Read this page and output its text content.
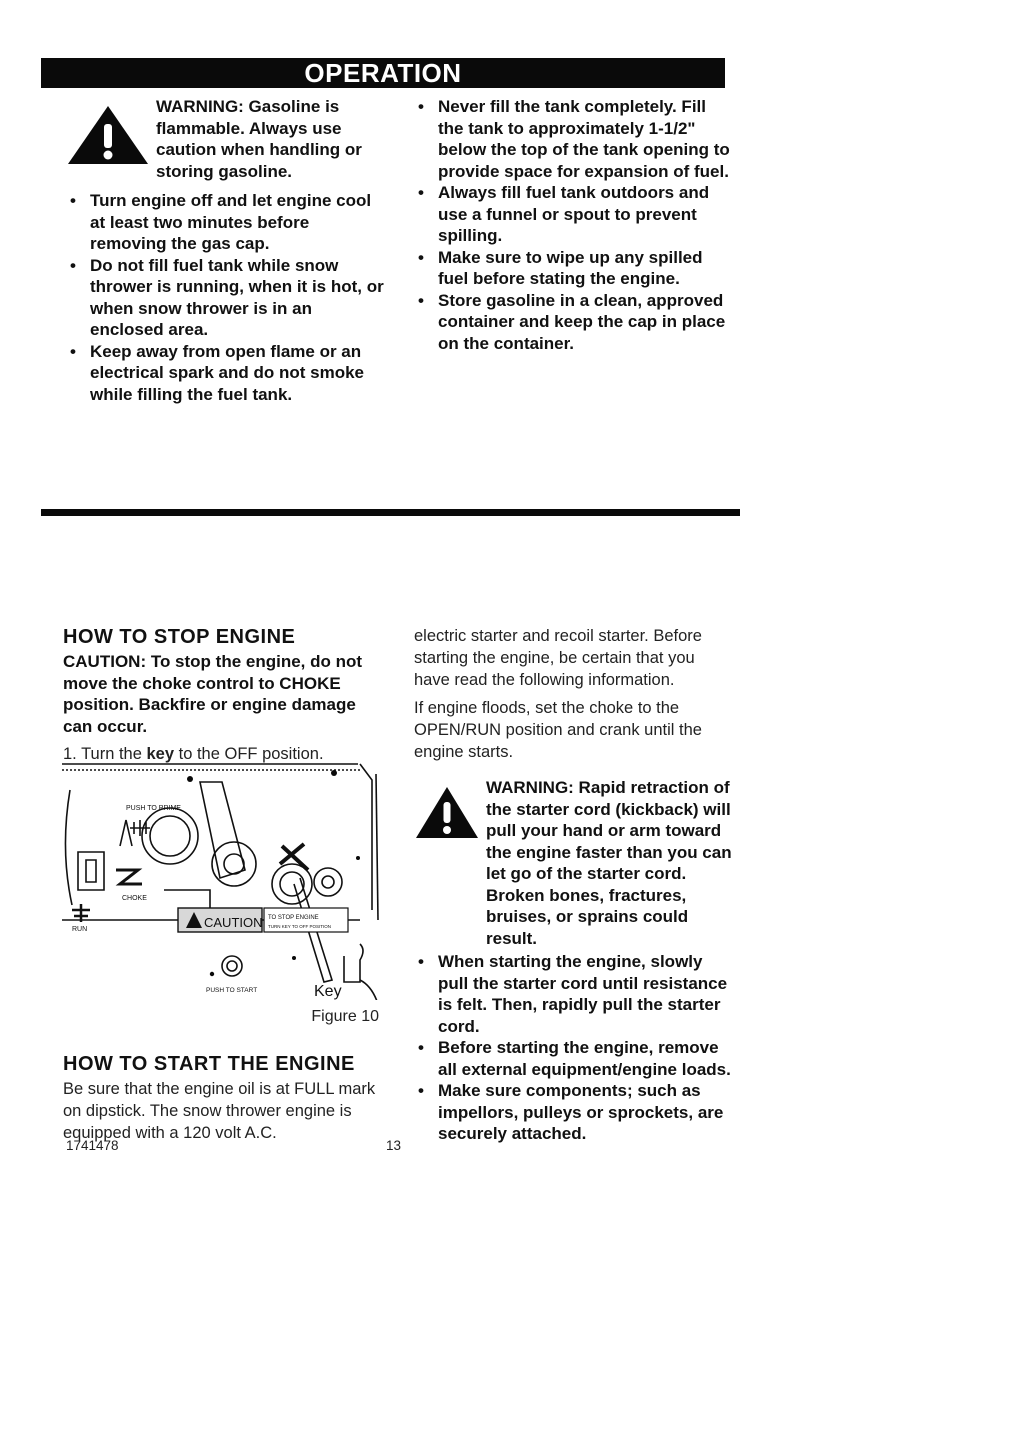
OPERATION
WARNING: Gasoline is flammable. Always use caution when handling or storing gasoline.
• Turn engine off and let engine cool at least two minutes before removing the gas cap.
• Do not fill fuel tank while snow thrower is running, when it is hot, or when snow thrower is in an enclosed area.
• Keep away from open flame or an electrical spark and do not smoke while filling the fuel tank.
• Never fill the tank completely. Fill the tank to approximately 1-1/2" below the top of the tank opening to provide space for expansion of fuel.
• Always fill fuel tank outdoors and use a funnel or spout to prevent spilling.
• Make sure to wipe up any spilled fuel before stating the engine.
• Store gasoline in a clean, approved container and keep the cap in place on the container.
HOW TO STOP ENGINE
CAUTION: To stop the engine, do not move the choke control to CHOKE position. Backfire or engine damage can occur.
1. Turn the key to the OFF position.
PUSH TO PRIME
CHOKE
RUN	CAUTION TO STOP ENGINE
TURN KEY TO OFF POSITION
PUSH TO START	Key
Figure 10
HOW TO START THE ENGINE
Be sure that the engine oil is at FULL mark on dipstick. The snow thrower engine is equipped with a 120 volt A.C.
1741478	13
electric starter and recoil starter. Before starting the engine, be certain that you have read the following information.
If engine floods, set the choke to the OPEN/RUN position and crank until the engine starts.
WARNING: Rapid retraction of the starter cord (kickback) will pull your hand or arm toward the engine faster than you can let go of the starter cord. Broken bones, fractures, bruises, or sprains could result.
• When starting the engine, slowly pull the starter cord until resistance is felt. Then, rapidly pull the starter cord.
• Before starting the engine, remove all external equipment/engine loads.
• Make sure components; such as impellors, pulleys or sprockets, are securely attached.
